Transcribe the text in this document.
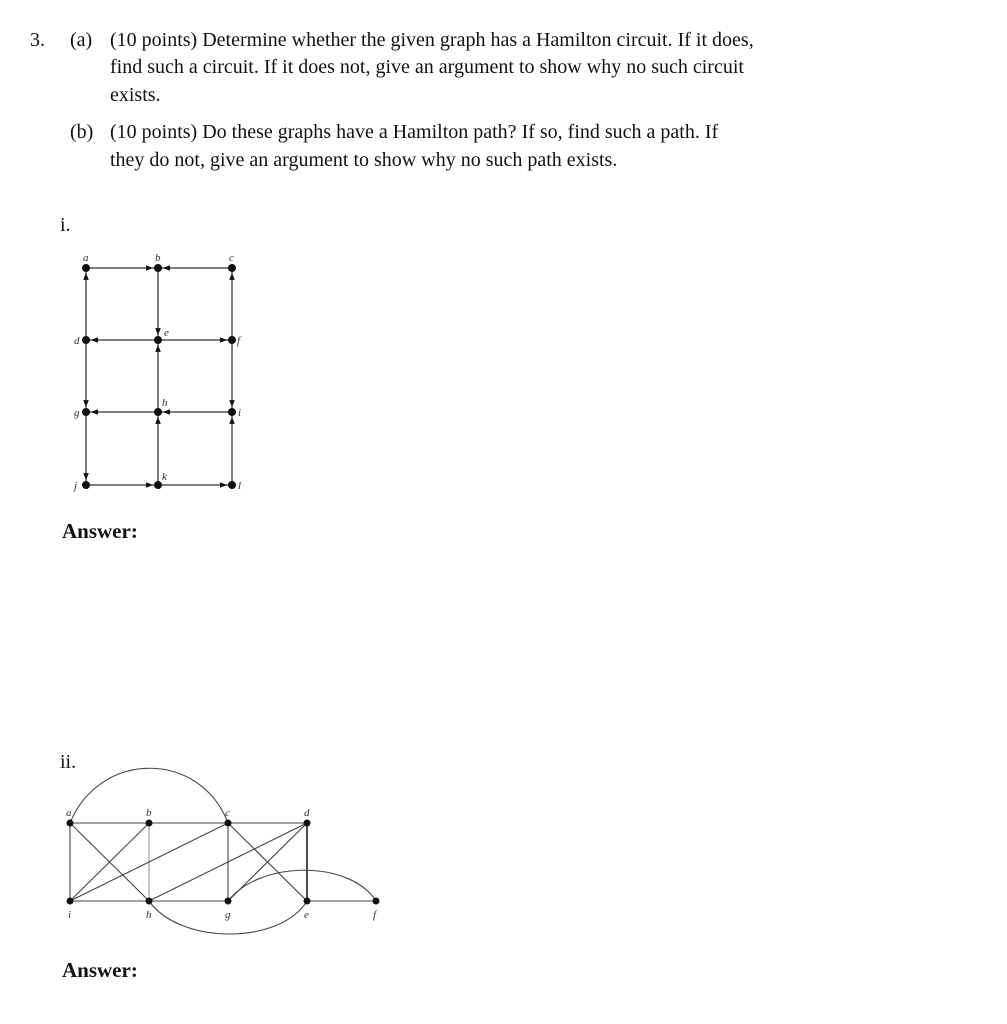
3. (a) (10 points) Determine whether the given graph has a Hamilton circuit. If it does,
find such a circuit. If it does not, give an argument to show why no such circuit
exists.
(b) (10 points) Do these graphs have a Hamilton path? If so, find such a path. If
they do not, give an argument to show why no such path exists.
i.
Answer:
ii.
Answer:
a	b	c
d
e
f
g
h
i
j
k
l
a	b	c	d
i	h	g	e	f
